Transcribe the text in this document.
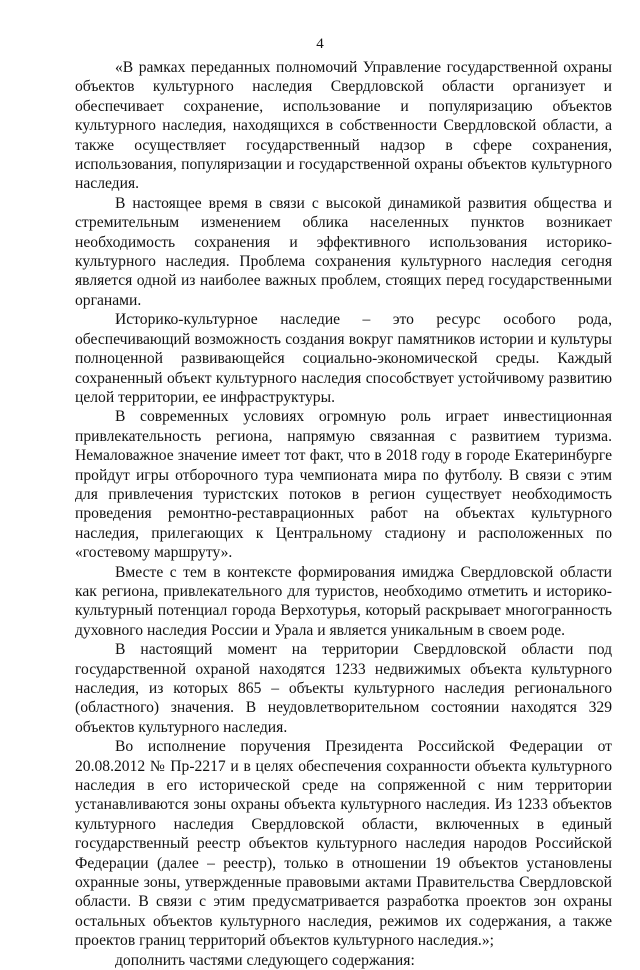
4

«В рамках переданных полномочий Управление государственной охраны объектов культурного наследия Свердловской области организует и обеспечивает сохранение, использование и популяризацию объектов культурного наследия, находящихся в собственности Свердловской области, а также осуществляет государственный надзор в сфере сохранения, использования, популяризации и государственной охраны объектов культурного наследия.

В настоящее время в связи с высокой динамикой развития общества и стремительным изменением облика населенных пунктов возникает необходимость сохранения и эффективного использования историко-культурного наследия. Проблема сохранения культурного наследия сегодня является одной из наиболее важных проблем, стоящих перед государственными органами.

Историко-культурное наследие – это ресурс особого рода, обеспечивающий возможность создания вокруг памятников истории и культуры полноценной развивающейся социально-экономической среды. Каждый сохраненный объект культурного наследия способствует устойчивому развитию целой территории, ее инфраструктуры.

В современных условиях огромную роль играет инвестиционная привлекательность региона, напрямую связанная с развитием туризма. Немаловажное значение имеет тот факт, что в 2018 году в городе Екатеринбурге пройдут игры отборочного тура чемпионата мира по футболу. В связи с этим для привлечения туристских потоков в регион существует необходимость проведения ремонтно-реставрационных работ на объектах культурного наследия, прилегающих к Центральному стадиону и расположенных по «гостевому маршруту».

Вместе с тем в контексте формирования имиджа Свердловской области как региона, привлекательного для туристов, необходимо отметить и историко-культурный потенциал города Верхотурья, который раскрывает многогранность духовного наследия России и Урала и является уникальным в своем роде.

В настоящий момент на территории Свердловской области под государственной охраной находятся 1233 недвижимых объекта культурного наследия, из которых 865 – объекты культурного наследия регионального (областного) значения. В неудовлетворительном состоянии находятся 329 объектов культурного наследия.

Во исполнение поручения Президента Российской Федерации от 20.08.2012 № Пр-2217 и в целях обеспечения сохранности объекта культурного наследия в его исторической среде на сопряженной с ним территории устанавливаются зоны охраны объекта культурного наследия. Из 1233 объектов культурного наследия Свердловской области, включенных в единый государственный реестр объектов культурного наследия народов Российской Федерации (далее – реестр), только в отношении 19 объектов установлены охранные зоны, утвержденные правовыми актами Правительства Свердловской области. В связи с этим предусматривается разработка проектов зон охраны остальных объектов культурного наследия, режимов их содержания, а также проектов границ территорий объектов культурного наследия.»;

дополнить частями следующего содержания:
